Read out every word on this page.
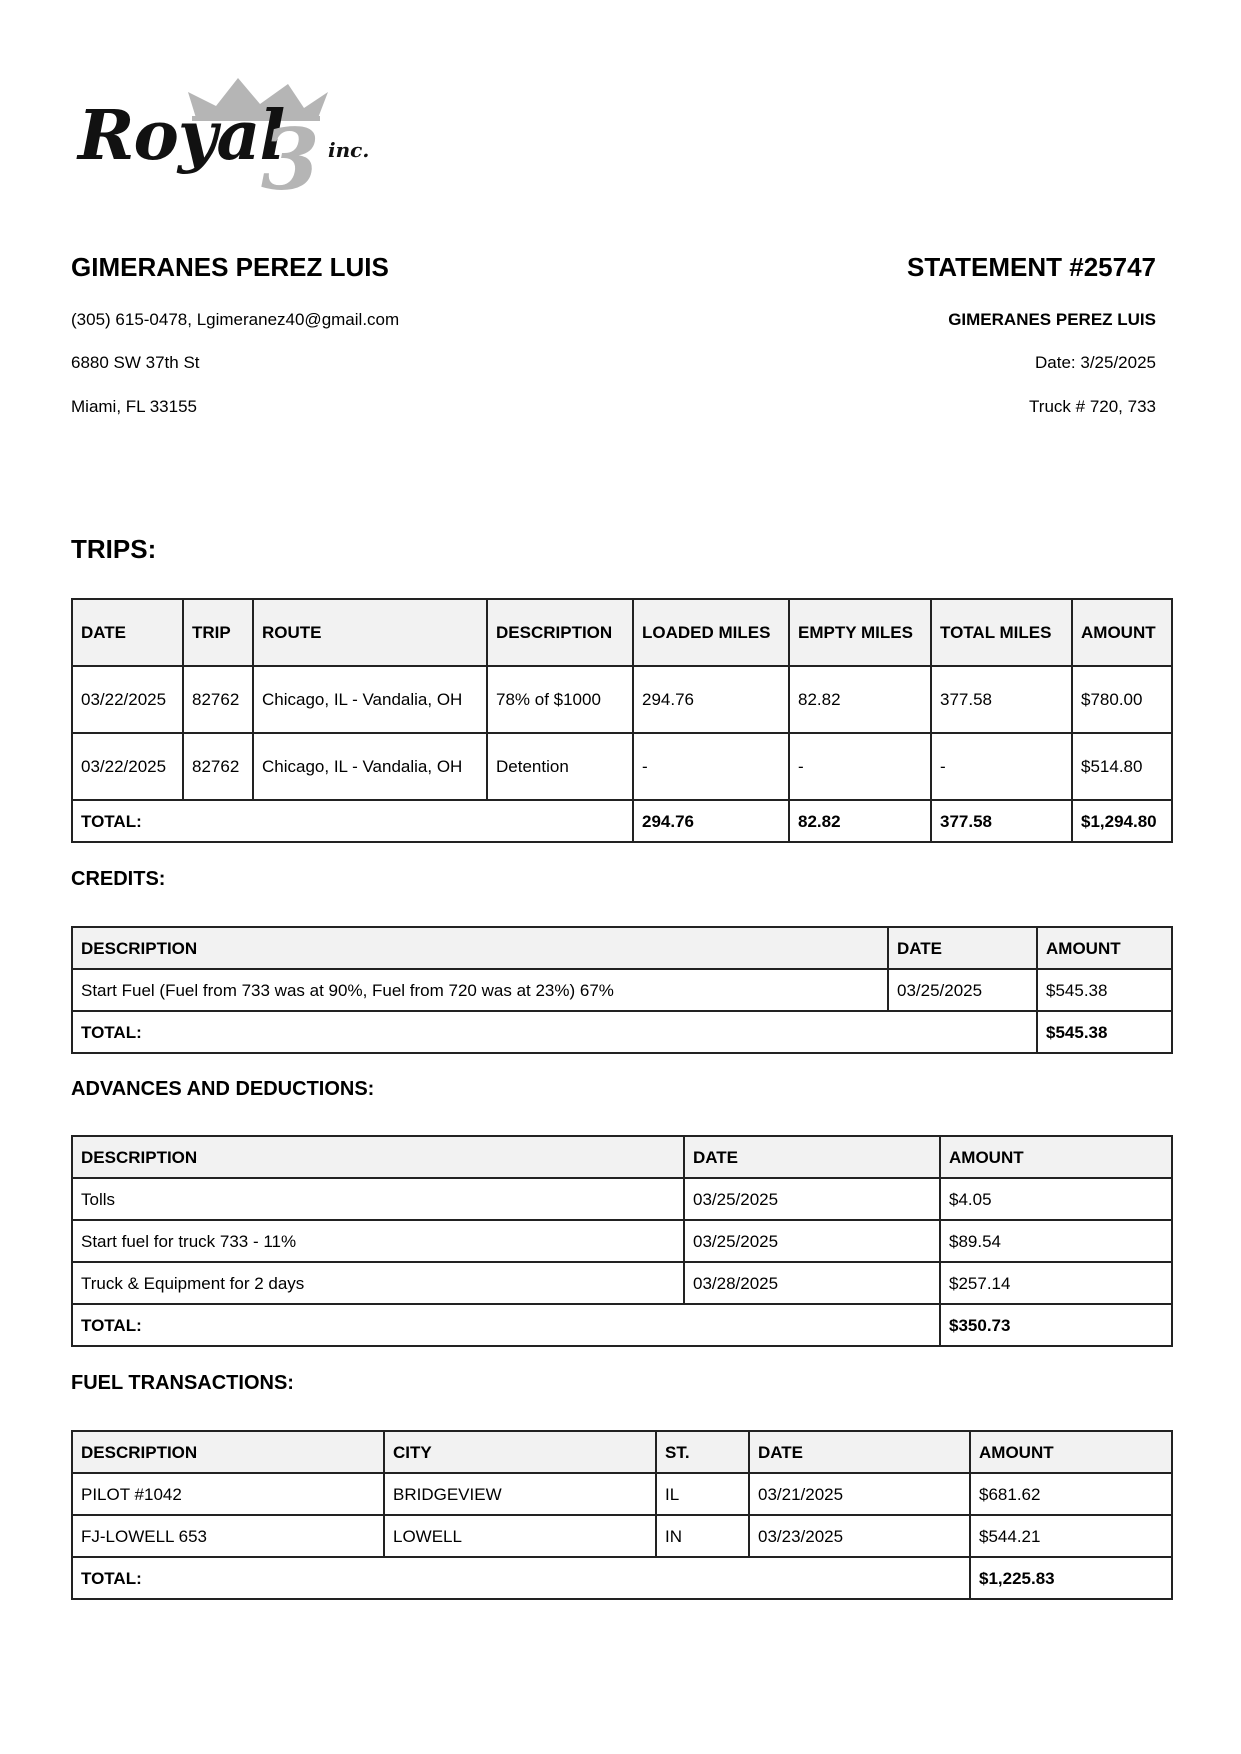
Royal
3 inc.
GIMERANES PEREZ LUIS
(305) 615-0478, Lgimeranez40@gmail.com
6880 SW 37th St
Miami, FL 33155
STATEMENT #25747
GIMERANES PEREZ LUIS
Date: 3/25/2025
Truck # 720, 733
TRIPS:
DATE	TRIP	ROUTE	DESCRIPTION	LOADED MILES	EMPTY MILES	TOTAL MILES	AMOUNT
03/22/2025	82762	Chicago, IL - Vandalia, OH	78% of $1000	294.76	82.82	377.58	$780.00
03/22/2025	82762	Chicago, IL - Vandalia, OH	Detention	-	-	-	$514.80
TOTAL:				294.76	82.82	377.58	$1,294.80
CREDITS:
DESCRIPTION	DATE	AMOUNT
Start Fuel (Fuel from 733 was at 90%, Fuel from 720 was at 23%) 67%	03/25/2025	$545.38
TOTAL:		$545.38
ADVANCES AND DEDUCTIONS:
DESCRIPTION	DATE	AMOUNT
Tolls	03/25/2025	$4.05
Start fuel for truck 733 - 11%	03/25/2025	$89.54
Truck & Equipment for 2 days	03/28/2025	$257.14
TOTAL:		$350.73
FUEL TRANSACTIONS:
DESCRIPTION	CITY	ST.	DATE	AMOUNT
PILOT #1042	BRIDGEVIEW	IL	03/21/2025	$681.62
FJ-LOWELL 653	LOWELL	IN	03/23/2025	$544.21
TOTAL:				$1,225.83
